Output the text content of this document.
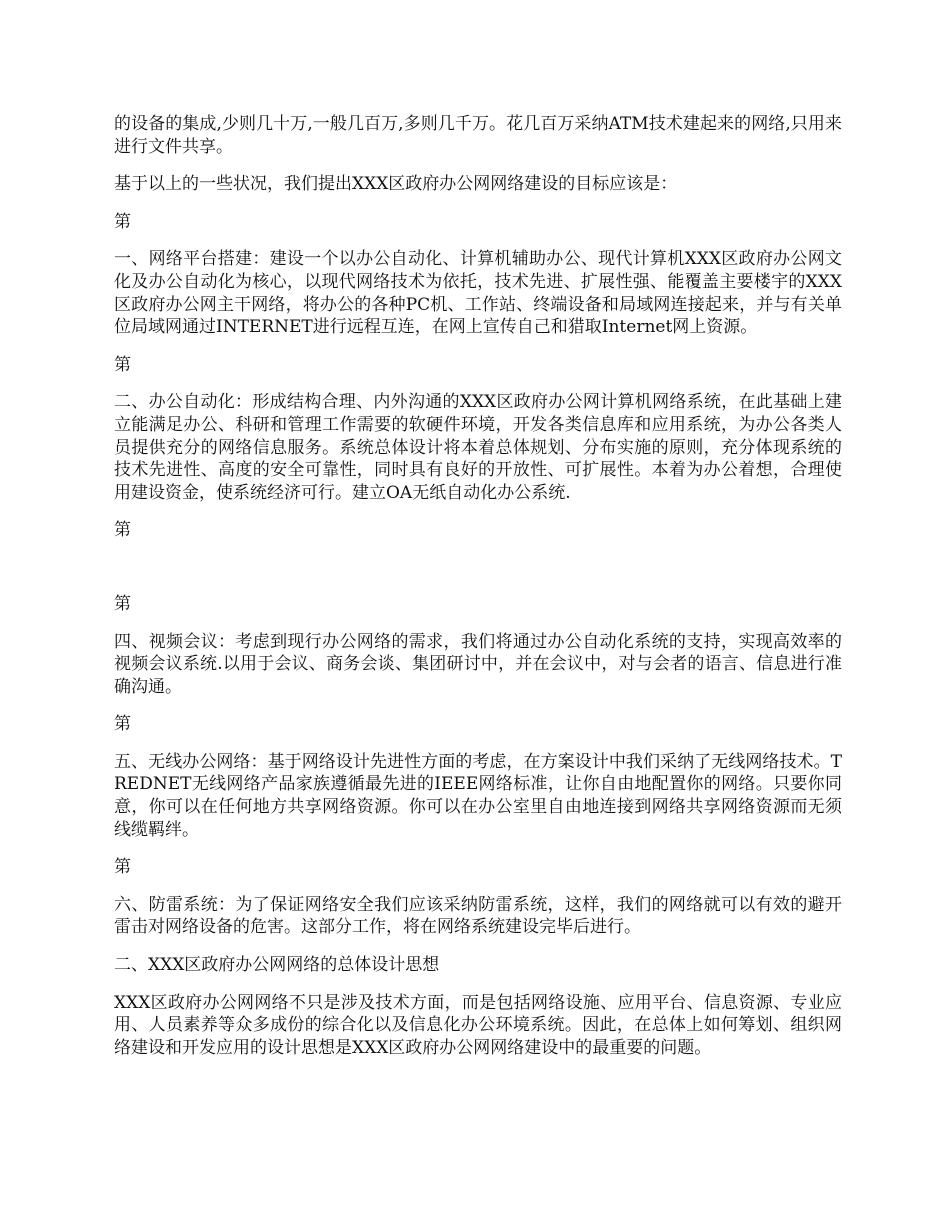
的设备的集成,少则几十万,一般几百万,多则几千万。花几百万采纳ATM技术建起来的网络,只用来进行文件共享。

基于以上的一些状况，我们提出XXX区政府办公网网络建设的目标应该是：

第

一、网络平台搭建：建设一个以办公自动化、计算机辅助办公、现代计算机XXX区政府办公网文化及办公自动化为核心，以现代网络技术为依托，技术先进、扩展性强、能覆盖主要楼宇的XXX区政府办公网主干网络，将办公的各种PC机、工作站、终端设备和局域网连接起来，并与有关单位局域网通过INTERNET进行远程互连，在网上宣传自己和猎取Internet网上资源。

第

二、办公自动化：形成结构合理、内外沟通的XXX区政府办公网计算机网络系统，在此基础上建立能满足办公、科研和管理工作需要的软硬件环境，开发各类信息库和应用系统，为办公各类人员提供充分的网络信息服务。系统总体设计将本着总体规划、分布实施的原则，充分体现系统的技术先进性、高度的安全可靠性，同时具有良好的开放性、可扩展性。本着为办公着想，合理使用建设资金，使系统经济可行。建立OA无纸自动化办公系统.

第

第

四、视频会议：考虑到现行办公网络的需求，我们将通过办公自动化系统的支持，实现高效率的视频会议系统.以用于会议、商务会谈、集团研讨中，并在会议中，对与会者的语言、信息进行准确沟通。

第

五、无线办公网络：基于网络设计先进性方面的考虑，在方案设计中我们采纳了无线网络技术。TREDNET无线网络产品家族遵循最先进的IEEE网络标准，让你自由地配置你的网络。只要你同意，你可以在任何地方共享网络资源。你可以在办公室里自由地连接到网络共享网络资源而无须线缆羁绊。

第

六、防雷系统：为了保证网络安全我们应该采纳防雷系统，这样，我们的网络就可以有效的避开雷击对网络设备的危害。这部分工作，将在网络系统建设完毕后进行。

二、XXX区政府办公网网络的总体设计思想

XXX区政府办公网网络不只是涉及技术方面，而是包括网络设施、应用平台、信息资源、专业应用、人员素养等众多成份的综合化以及信息化办公环境系统。因此，在总体上如何筹划、组织网络建设和开发应用的设计思想是XXX区政府办公网网络建设中的最重要的问题。
